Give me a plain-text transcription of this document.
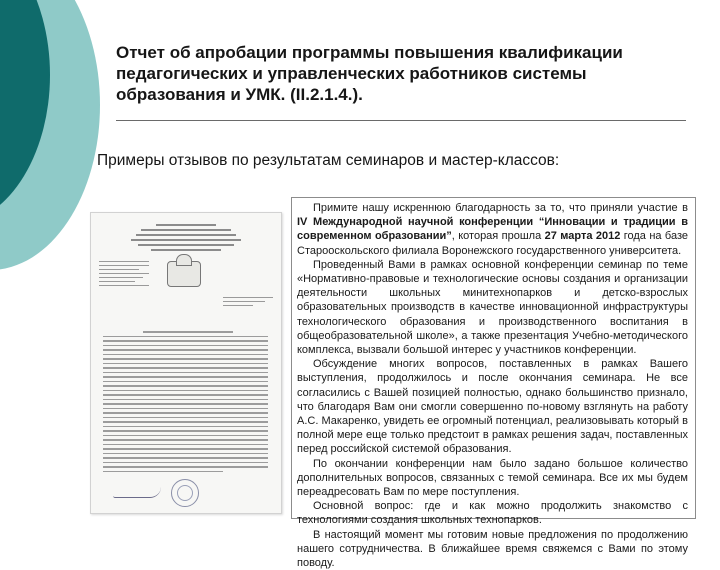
Отчет об апробации программы повышения квалификации педагогических и управленческих работников системы образования и УМК. (II.2.1.4.).
Примеры отзывов по результатам семинаров и мастер-классов:

Примите нашу искреннюю благодарность за то, что приняли участие в IV Международной научной конференции “Инновации и традиции в современном образовании”, которая прошла 27 марта 2012 года на базе Старооскольского филиала Воронежского государственного университета.

Проведенный Вами в рамках основной конференции семинар по теме «Нормативно-правовые и технологические основы создания и организации деятельности школьных минитехнопарков и детско-взрослых образовательных производств в качестве инновационной инфраструктуры технологического образования и производственного воспитания в общеобразовательной школе», а также презентация Учебно-методического комплекса, вызвали большой интерес у участников конференции.

Обсуждение многих вопросов, поставленных в рамках Вашего выступления, продолжилось и после окончания семинара. Не все согласились с Вашей позицией полностью, однако большинство признало, что благодаря Вам они смогли совершенно по-новому взглянуть на работу А.С. Макаренко, увидеть ее огромный потенциал, реализовывать который в полной мере еще только предстоит в рамках решения задач, поставленных перед российской системой образования.

По окончании конференции нам было задано большое количество дополнительных вопросов, связанных с темой семинара. Все их мы будем переадресовать Вам по мере поступления.

Основной вопрос: где и как можно продолжить знакомство с технологиями создания школьных технопарков.

В настоящий момент мы готовим новые предложения по продолжению нашего сотрудничества. В ближайшее время свяжемся с Вами по этому поводу.
